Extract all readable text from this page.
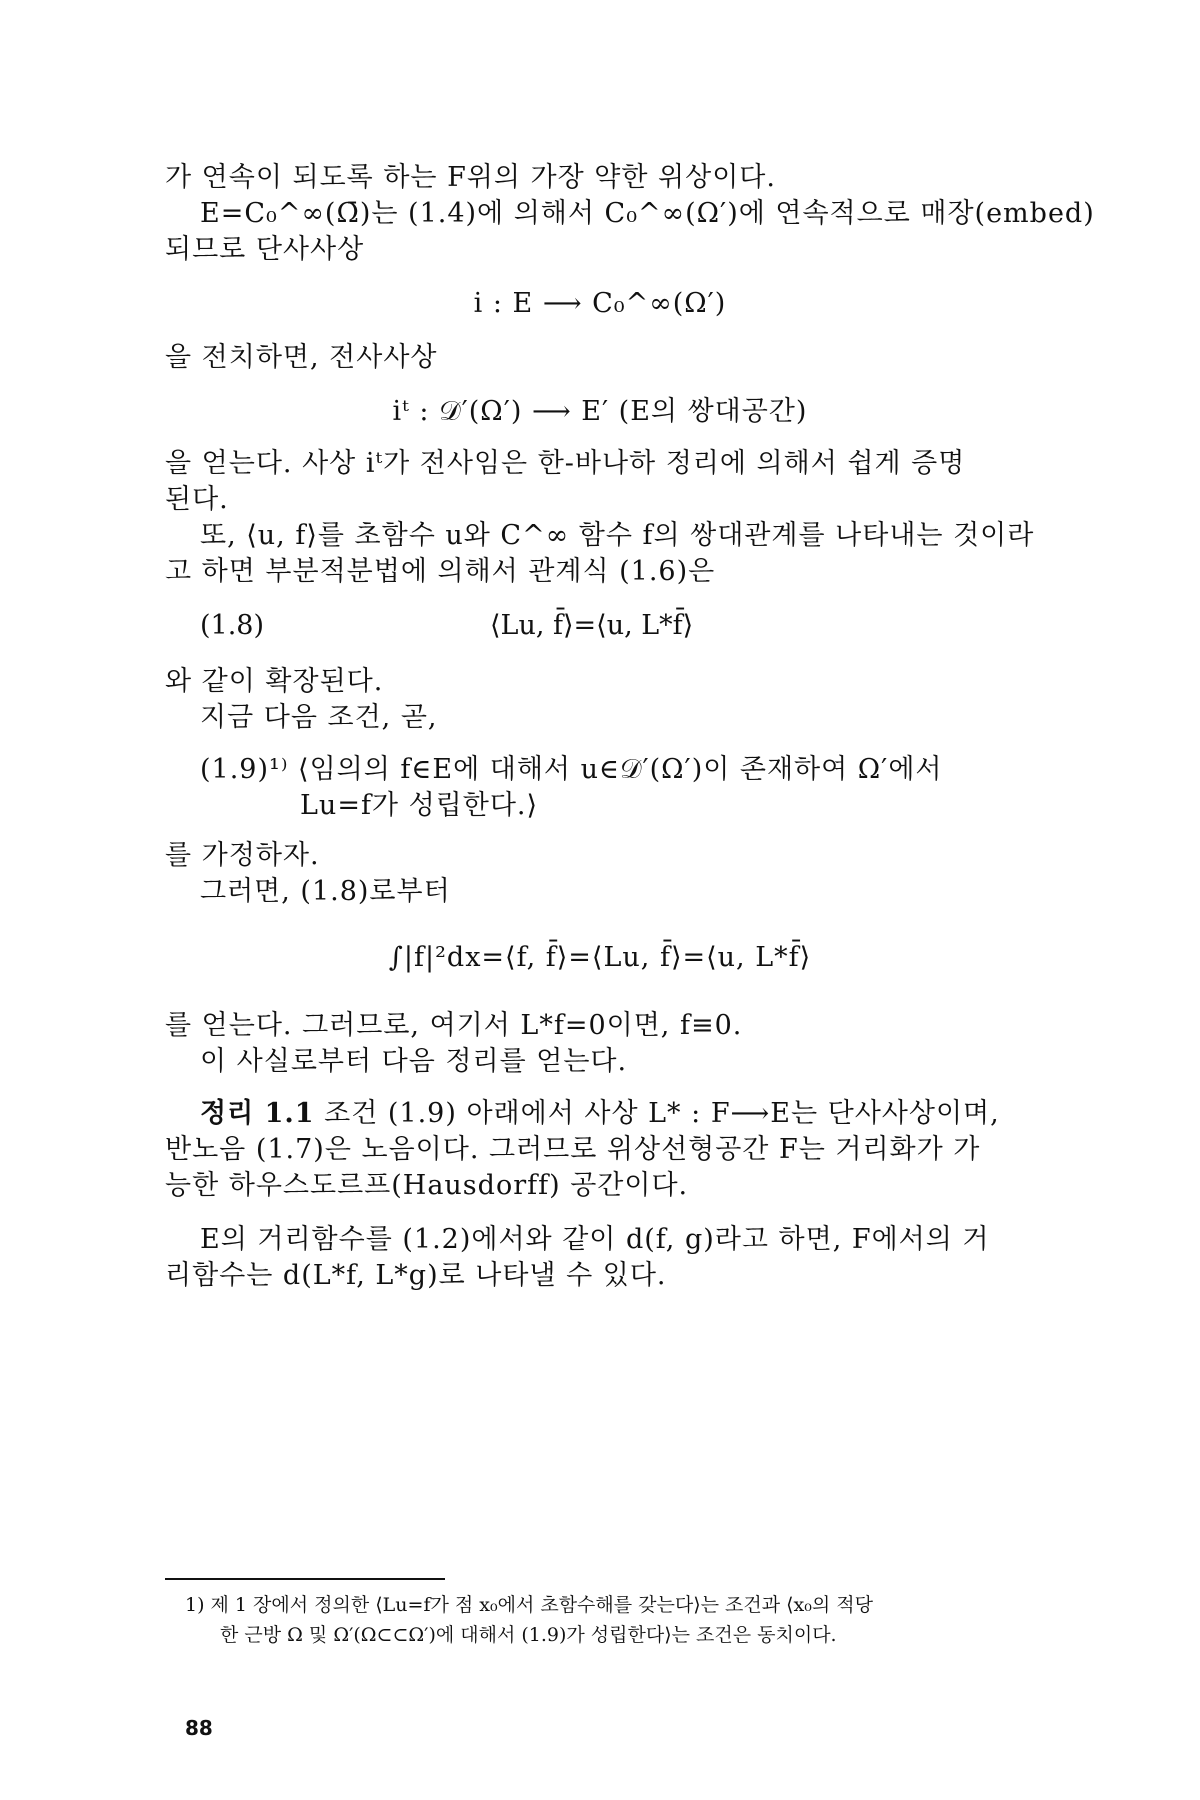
가 연속이 되도록 하는 F위의 가장 약한 위상이다.
E=C₀^∞(Ω̄)는 (1.4)에 의해서 C₀^∞(Ω′)에 연속적으로 매장(embed)
되므로 단사사상
i : E ⟶ C₀^∞(Ω′)
을 전치하면, 전사사상
iᵗ : 𝒟′(Ω′) ⟶ E′ (E의 쌍대공간)
을 얻는다. 사상 iᵗ가 전사임은 한-바나하 정리에 의해서 쉽게 증명
된다.
또, ⟨u, f⟩를 초함수 u와 C^∞ 함수 f의 쌍대관계를 나타내는 것이라
고 하면 부분적분법에 의해서 관계식 (1.6)은
(1.8)	⟨Lu, f̄⟩=⟨u, L*f̄⟩
와 같이 확장된다.
지금 다음 조건, 곧,
(1.9)¹⁾ ⟨임의의 f∈E에 대해서 u∈𝒟′(Ω′)이 존재하여 Ω′에서
Lu=f가 성립한다.⟩
를 가정하자.
그러면, (1.8)로부터
∫|f|²dx=⟨f, f̄⟩=⟨Lu, f̄⟩=⟨u, L*f̄⟩
를 얻는다. 그러므로, 여기서 L*f=0이면, f≡0.
이 사실로부터 다음 정리를 얻는다.
정리 1.1 조건 (1.9) 아래에서 사상 L* : F⟶E는 단사사상이며,
반노음 (1.7)은 노음이다. 그러므로 위상선형공간 F는 거리화가 가
능한 하우스도르프(Hausdorff) 공간이다.
E의 거리함수를 (1.2)에서와 같이 d(f, g)라고 하면, F에서의 거
리함수는 d(L*f, L*g)로 나타낼 수 있다.
1) 제 1 장에서 정의한 ⟨Lu=f가 점 x₀에서 초함수해를 갖는다⟩는 조건과 ⟨x₀의 적당
한 근방 Ω 및 Ω′(Ω⊂⊂Ω′)에 대해서 (1.9)가 성립한다⟩는 조건은 동치이다.
88
